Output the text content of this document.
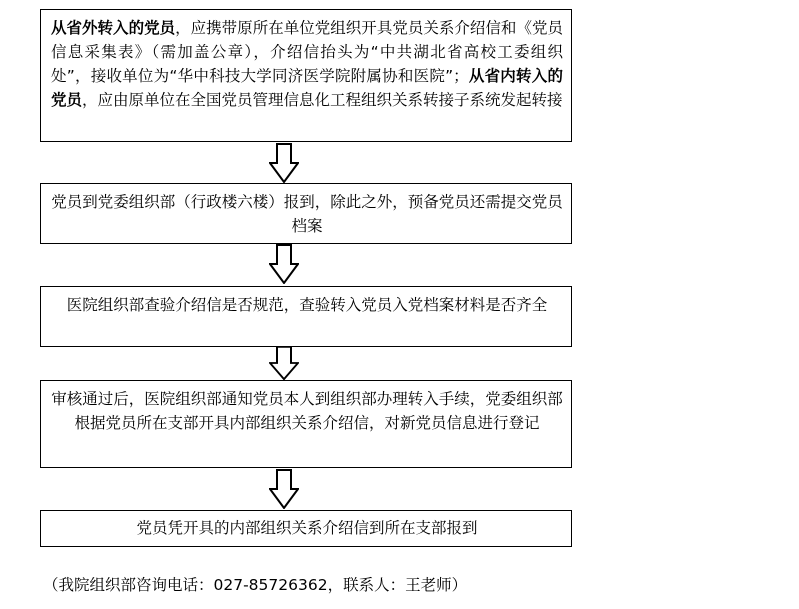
从省外转入的党员，应携带原所在单位党组织开具党员关系介绍信和《党员信息采集表》（需加盖公章），介绍信抬头为“中共湖北省高校工委组织处”，接收单位为“华中科技大学同济医学院附属协和医院”；从省内转入的党员，应由原单位在全国党员管理信息化工程组织关系转接子系统发起转接

党员到党委组织部（行政楼六楼）报到，除此之外，预备党员还需提交党员档案

医院组织部查验介绍信是否规范，查验转入党员入党档案材料是否齐全

审核通过后，医院组织部通知党员本人到组织部办理转入手续，党委组织部根据党员所在支部开具内部组织关系介绍信，对新党员信息进行登记

党员凭开具的内部组织关系介绍信到所在支部报到

（我院组织部咨询电话：027-85726362，联系人：王老师）
